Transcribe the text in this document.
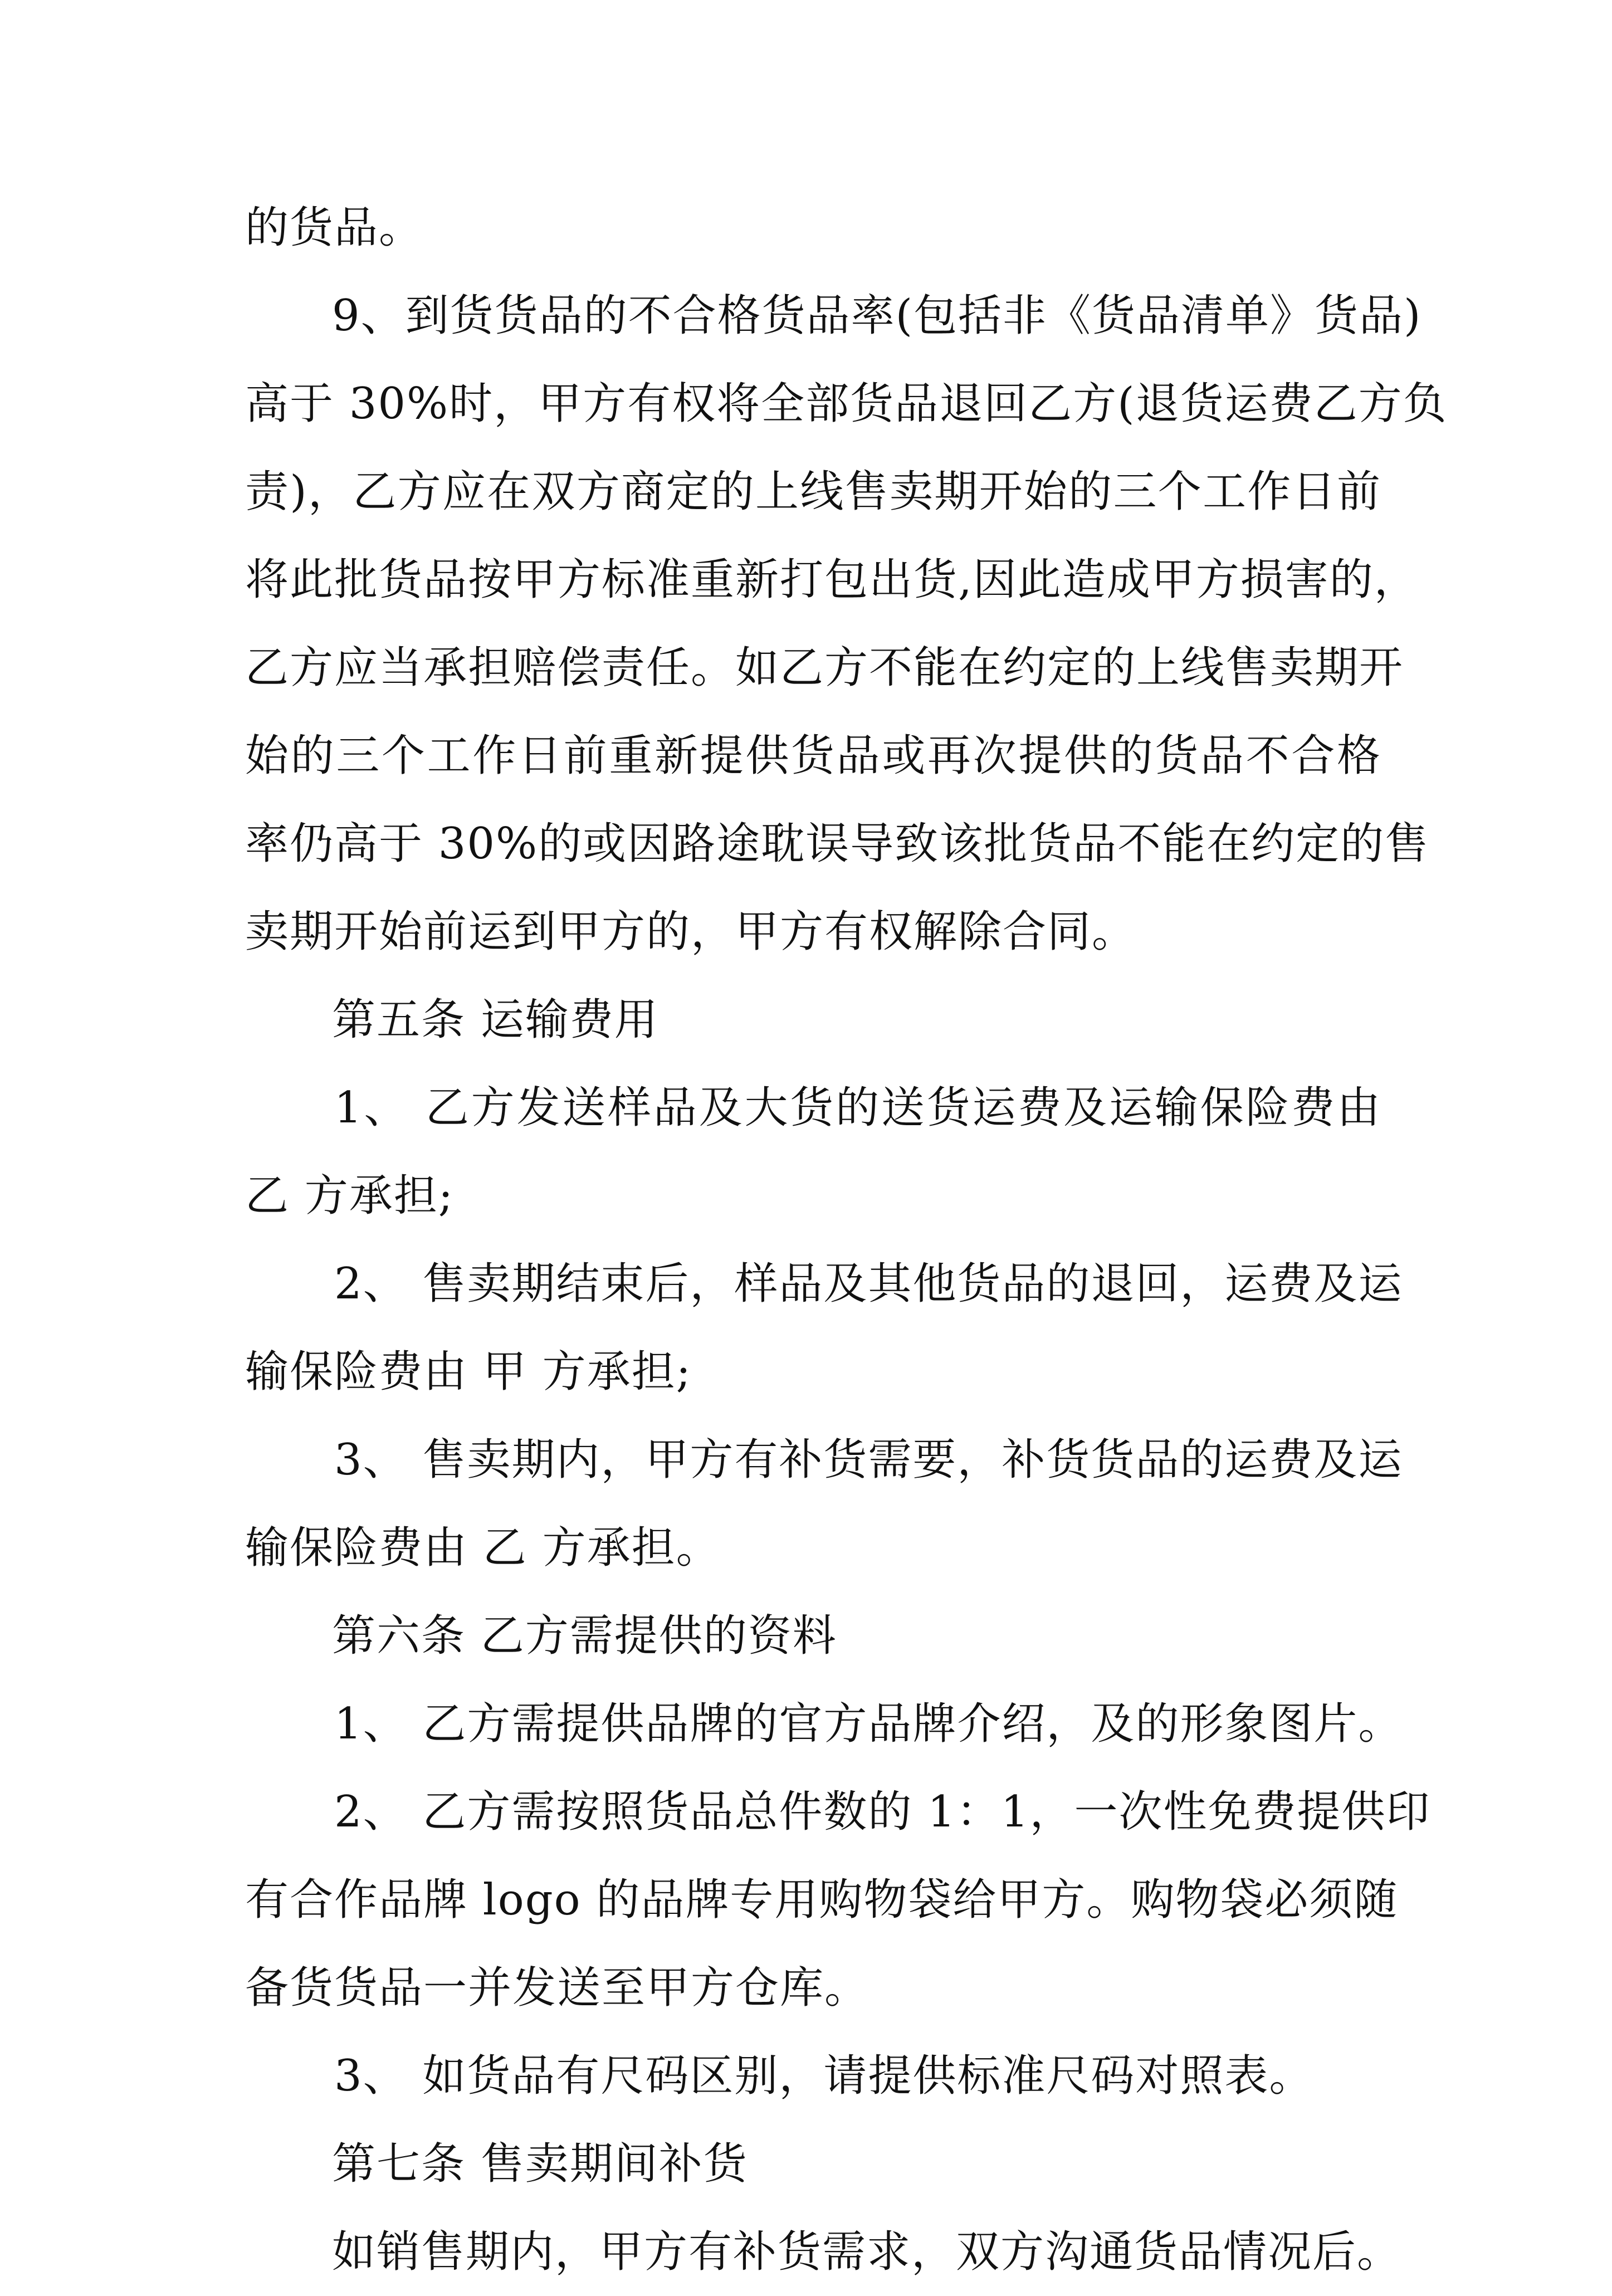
的货品。
9、到货货品的不合格货品率(包括非《货品清单》货品)
高于 30%时，甲方有权将全部货品退回乙方(退货运费乙方负
责)，乙方应在双方商定的上线售卖期开始的三个工作日前
将此批货品按甲方标准重新打包出货,因此造成甲方损害的，
乙方应当承担赔偿责任。如乙方不能在约定的上线售卖期开
始的三个工作日前重新提供货品或再次提供的货品不合格
率仍高于 30%的或因路途耽误导致该批货品不能在约定的售
卖期开始前运到甲方的，甲方有权解除合同。
第五条 运输费用
1、 乙方发送样品及大货的送货运费及运输保险费由
乙 方承担;
2、 售卖期结束后，样品及其他货品的退回，运费及运
输保险费由 甲 方承担;
3、 售卖期内，甲方有补货需要，补货货品的运费及运
输保险费由 乙 方承担。
第六条 乙方需提供的资料
1、 乙方需提供品牌的官方品牌介绍，及的形象图片。
2、 乙方需按照货品总件数的 1：1，一次性免费提供印
有合作品牌 logo 的品牌专用购物袋给甲方。购物袋必须随
备货货品一并发送至甲方仓库。
3、 如货品有尺码区别，请提供标准尺码对照表。
第七条 售卖期间补货
如销售期内，甲方有补货需求，双方沟通货品情况后。
